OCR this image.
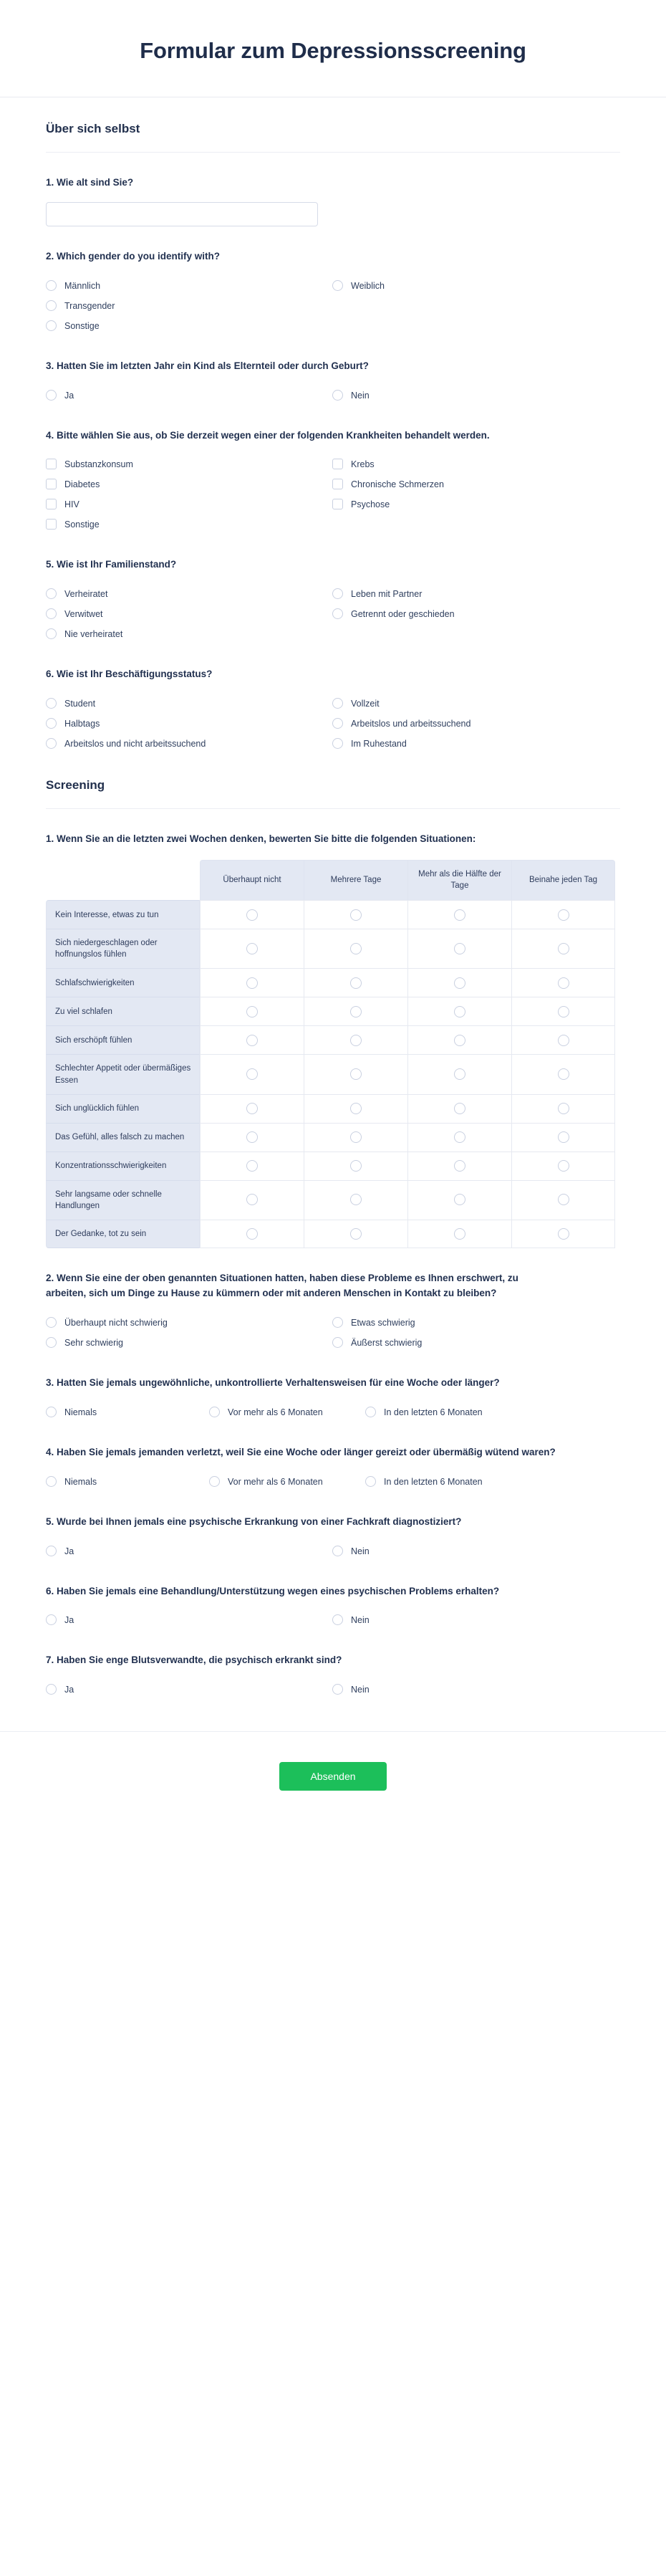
Formular zum Depressionsscreening
Über sich selbst
1. Wie alt sind Sie?
2. Which gender do you identify with?
Männlich	WeiblichTransgender Sonstige
3. Hatten Sie im letzten Jahr ein Kind als Elternteil oder durch Geburt?
Ja	Nein
4. Bitte wählen Sie aus, ob Sie derzeit wegen einer der folgenden Krankheiten behandelt werden.
Substanzkonsum	KrebsDiabetes	Chronische SchmerzenHIV	PsychoseSonstige
5. Wie ist Ihr Familienstand?
Verheiratet	Leben mit PartnerVerwitwet	Getrennt oder geschiedenNie verheiratet
6. Wie ist Ihr Beschäftigungsstatus?
Student	VollzeitHalbtags	Arbeitslos und arbeitssuchendArbeitslos und nicht arbeitssuchend	Im Ruhestand
Screening
1. Wenn Sie an die letzten zwei Wochen denken, bewerten Sie bitte die folgenden Situationen:
	Überhaupt nicht	Mehrere Tage	Mehr als die Hälfte der Tage	Beinahe jeden Tag
Kein Interesse, etwas zu tun				
Sich niedergeschlagen oder hoffnungslos fühlen				
Schlafschwierigkeiten				
Zu viel schlafen				
Sich erschöpft fühlen				
Schlechter Appetit oder übermäßiges Essen				
Sich unglücklich fühlen				
Das Gefühl, alles falsch zu machen				
Konzentrationsschwierigkeiten				
Sehr langsame oder schnelle Handlungen				
Der Gedanke, tot zu sein				
2. Wenn Sie eine der oben genannten Situationen hatten, haben diese Probleme es Ihnen erschwert, zu arbeiten, sich um Dinge zu Hause zu kümmern oder mit anderen Menschen in Kontakt zu bleiben?
Überhaupt nicht schwierig	Etwas schwierigSehr schwierig	Äußerst schwierig
3. Hatten Sie jemals ungewöhnliche, unkontrollierte Verhaltensweisen für eine Woche oder länger?
Niemals	Vor mehr als 6 Monaten	In den letzten 6 Monaten
4. Haben Sie jemals jemanden verletzt, weil Sie eine Woche oder länger gereizt oder übermäßig wütend waren?
Niemals	Vor mehr als 6 Monaten	In den letzten 6 Monaten
5. Wurde bei Ihnen jemals eine psychische Erkrankung von einer Fachkraft diagnostiziert?
Ja	Nein
6. Haben Sie jemals eine Behandlung/Unterstützung wegen eines psychischen Problems erhalten?
Ja	Nein
7. Haben Sie enge Blutsverwandte, die psychisch erkrankt sind?
Ja	Nein
Absenden
